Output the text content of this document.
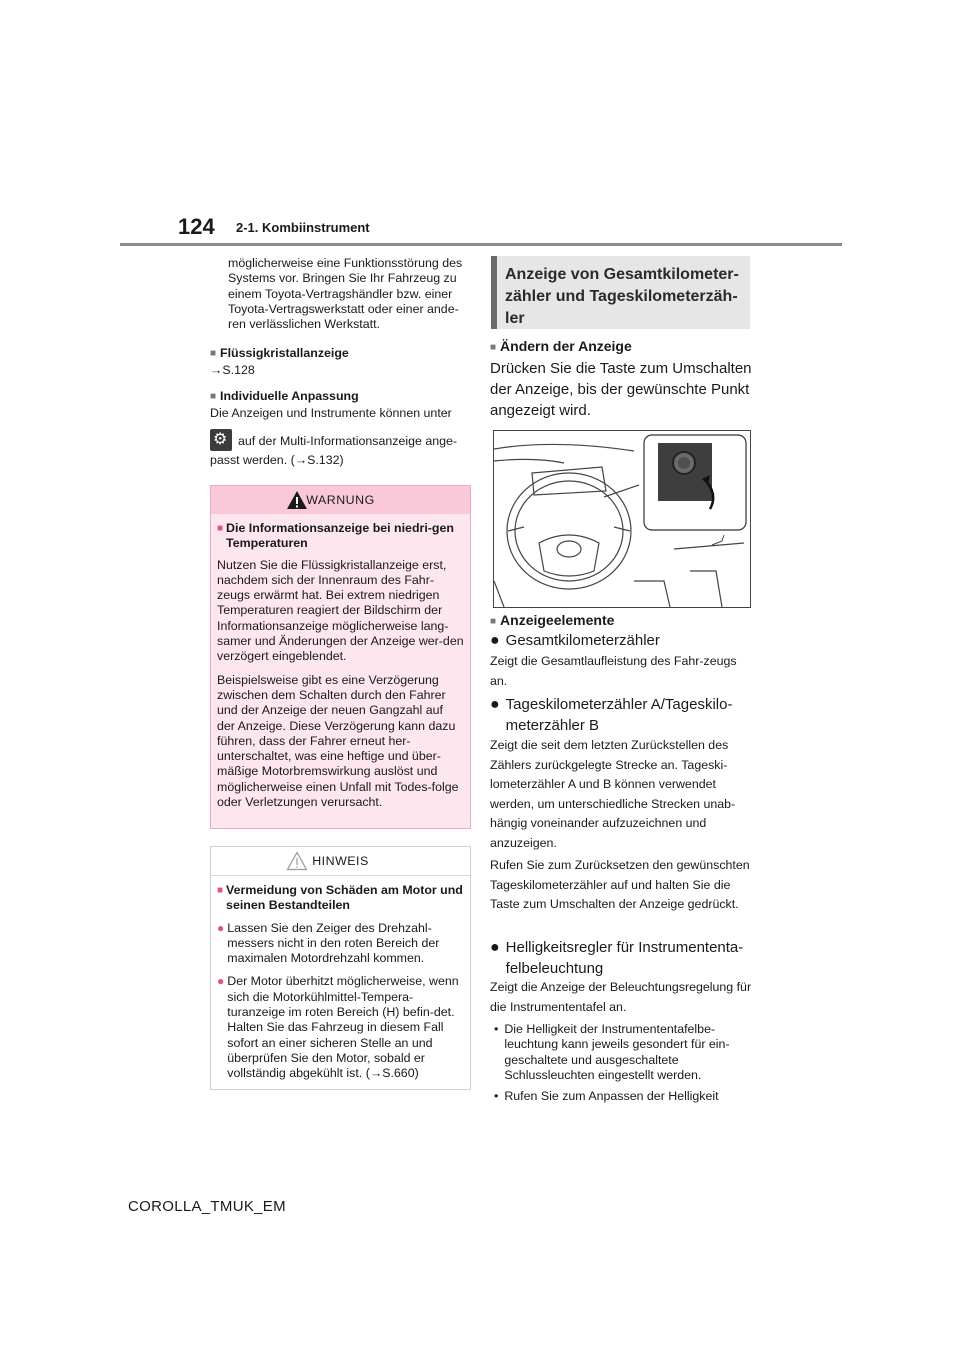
124 2-1. Kombiinstrument
möglicherweise eine Funktionsstörung des Systems vor. Bringen Sie Ihr Fahrzeug zu einem Toyota-Vertragshändler bzw. einer Toyota-Vertragswerkstatt oder einer ande-ren verlässlichen Werkstatt.
■ Flüssigkristallanzeige
→S.128
■ Individuelle Anpassung
Die Anzeigen und Instrumente können unter
⚙auf der Multi-Informationsanzeige ange-
passt werden. (→S.132)
WARNUNG
■ Die Informationsanzeige bei niedri-gen Temperaturen
Nutzen Sie die Flüssigkristallanzeige erst, nachdem sich der Innenraum des Fahr-zeugs erwärmt hat. Bei extrem niedrigen Temperaturen reagiert der Bildschirm der Informationsanzeige möglicherweise lang-samer und Änderungen der Anzeige wer-den verzögert eingeblendet.
Beispielsweise gibt es eine Verzögerung zwischen dem Schalten durch den Fahrer und der Anzeige der neuen Gangzahl auf der Anzeige. Diese Verzögerung kann dazu führen, dass der Fahrer erneut her-unterschaltet, was eine heftige und über-mäßige Motorbremswirkung auslöst und möglicherweise einen Unfall mit Todes-folge oder Verletzungen verursacht.
HINWEIS
■ Vermeidung von Schäden am Motor und seinen Bestandteilen
● Lassen Sie den Zeiger des Drehzahl-messers nicht in den roten Bereich der maximalen Motordrehzahl kommen.
● Der Motor überhitzt möglicherweise, wenn sich die Motorkühlmittel-Tempera-turanzeige im roten Bereich (H) befin-det. Halten Sie das Fahrzeug in diesem Fall sofort an einer sicheren Stelle an und überprüfen Sie den Motor, sobald er vollständig abgekühlt ist. (→S.660)
Anzeige von Gesamtkilometer-zähler und Tageskilometerzäh-ler
■ Ändern der Anzeige
Drücken Sie die Taste zum Umschalten der Anzeige, bis der gewünschte Punkt angezeigt wird.
■ Anzeigeelemente
● Gesamtkilometerzähler
Zeigt die Gesamtlaufleistung des Fahr-zeugs an.
● Tageskilometerzähler A/Tageskilo-meterzähler B
Zeigt die seit dem letzten Zurückstellen des Zählers zurückgelegte Strecke an. Tageski-lometerzähler A und B können verwendet werden, um unterschiedliche Strecken unab-hängig voneinander aufzuzeichnen und anzuzeigen.
Rufen Sie zum Zurücksetzen den gewünschten Tageskilometerzähler auf und halten Sie die Taste zum Umschalten der Anzeige gedrückt.
● Helligkeitsregler für Instrumententa-felbeleuchtung
Zeigt die Anzeige der Beleuchtungsregelung für die Instrumententafel an.
• Die Helligkeit der Instrumententafelbe-leuchtung kann jeweils gesondert für ein-geschaltete und ausgeschaltete Schlussleuchten eingestellt werden.
• Rufen Sie zum Anpassen der Helligkeit
COROLLA_TMUK_EM
